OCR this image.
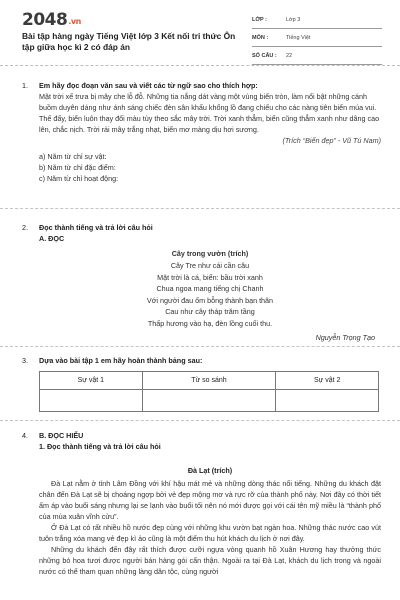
2048.vn
Bài tập hàng ngày Tiếng Việt lớp 3 Kết nối tri thức Ôn tập giữa học kì 2 có đáp án
LỚP :	Lớp 3
MÔN :	Tiếng Việt
SỐ CÂU :	22
1. Em hãy đọc đoạn văn sau và viết các từ ngữ sao cho thích hợp:
Mặt trời xế trưa bị mây che lỗ đỗ. Những tia nắng dát vàng một vùng biển tròn, làm nổi bật những cánh buồm duyên dáng như ánh sáng chiếc đèn sân khấu khổng lồ đang chiếu cho các nàng tiên biển múa vui.
Thế đấy, biển luôn thay đổi màu tùy theo sắc mây trời. Trời xanh thẳm, biển cũng thẳm xanh như dâng cao lên, chắc nịch. Trời rải mây trắng nhạt, biển mơ màng dịu hơi sương.
(Trích “Biển đẹp” - Vũ Tú Nam)
a) Năm từ chỉ sự vật:
b) Năm từ chỉ đặc điểm:
c) Năm từ chỉ hoạt động:
2. Đọc thành tiếng và trả lời câu hỏi
A. ĐỌC
Cây trong vườn (trích)
Cây Tre như cái cần câu
Mặt trời là cá, biển: bầu trời xanh
Chua ngoa mang tiếng chị Chanh
Với người đau ốm bỗng thành bạn thân
Cau như cây tháp trăm tầng
Thấp hương vào hạ, đèn lồng cuối thu.
Nguyễn Trọng Tạo
3. Dựa vào bài tập 1 em hãy hoàn thành bảng sau:
Sự vật 1	Từ so sánh	Sự vật 2

4. B. ĐỌC HIỂU
1. Đọc thành tiếng và trả lời câu hỏi
Đà Lạt (trích)
Đà Lạt nằm ở tỉnh Lâm Đồng với khí hậu mát mẻ và những dòng thác nổi tiếng. Những du khách đặt chân đến Đà Lạt sẽ bị choáng ngợp bởi vẻ đẹp mộng mơ và rực rỡ của thành phố này. Nơi đây có thời tiết ấm áp vào buổi sáng nhưng lại se lạnh vào buổi tối nên nó mới được gọi với cái tên mỹ miều là “thành phố của mùa xuân vĩnh cửu”.
Ở Đà Lạt có rất nhiều hồ nước đẹp cùng với những khu vườn bạt ngàn hoa. Những thác nước cao vút tuôn trắng xóa mang vẻ đẹp kì ảo cũng là một điểm thu hút khách du lịch ở nơi đây.
Những du khách đến đây rất thích được cưỡi ngựa vòng quanh hồ Xuân Hương hay thưởng thức những bó hoa tươi được người bán hàng gói cẩn thận. Ngoài ra tại Đà Lạt, khách du lịch trong và ngoài nước có thể tham quan những làng dân tộc, cùng người
